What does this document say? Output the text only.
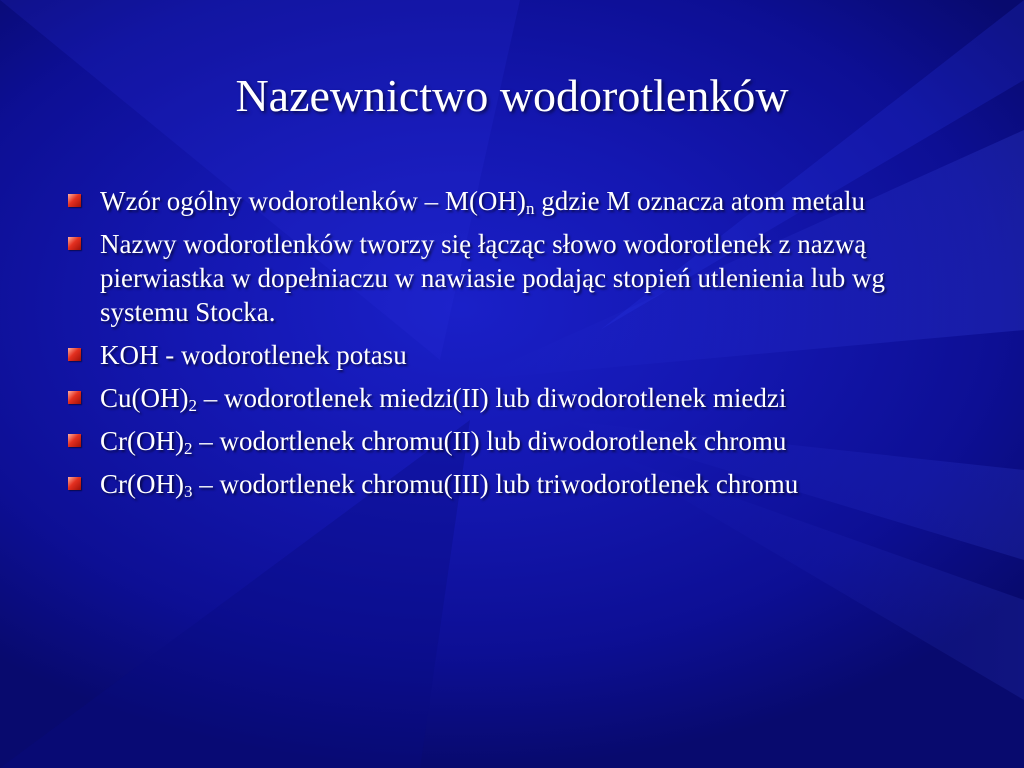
Nazewnictwo wodorotlenków
Wzór ogólny wodorotlenków – $M(OH)_n$ gdzie M oznacza atom metalu
Nazwy wodorotlenków tworzy się łącząc słowo wodorotlenek z nazwą pierwiastka w dopełniaczu w nawiasie podając stopień utlenienia lub wg systemu Stocka.
KOH - wodorotlenek potasu
$Cu(OH)_2$ – wodorotlenek miedzi(II) lub diwodorotlenek miedzi
$Cr(OH)_2$ – wodortlenek chromu(II) lub diwodorotlenek chromu
$Cr(OH)_3$ – wodortlenek chromu(III) lub triwodorotlenek chromu
